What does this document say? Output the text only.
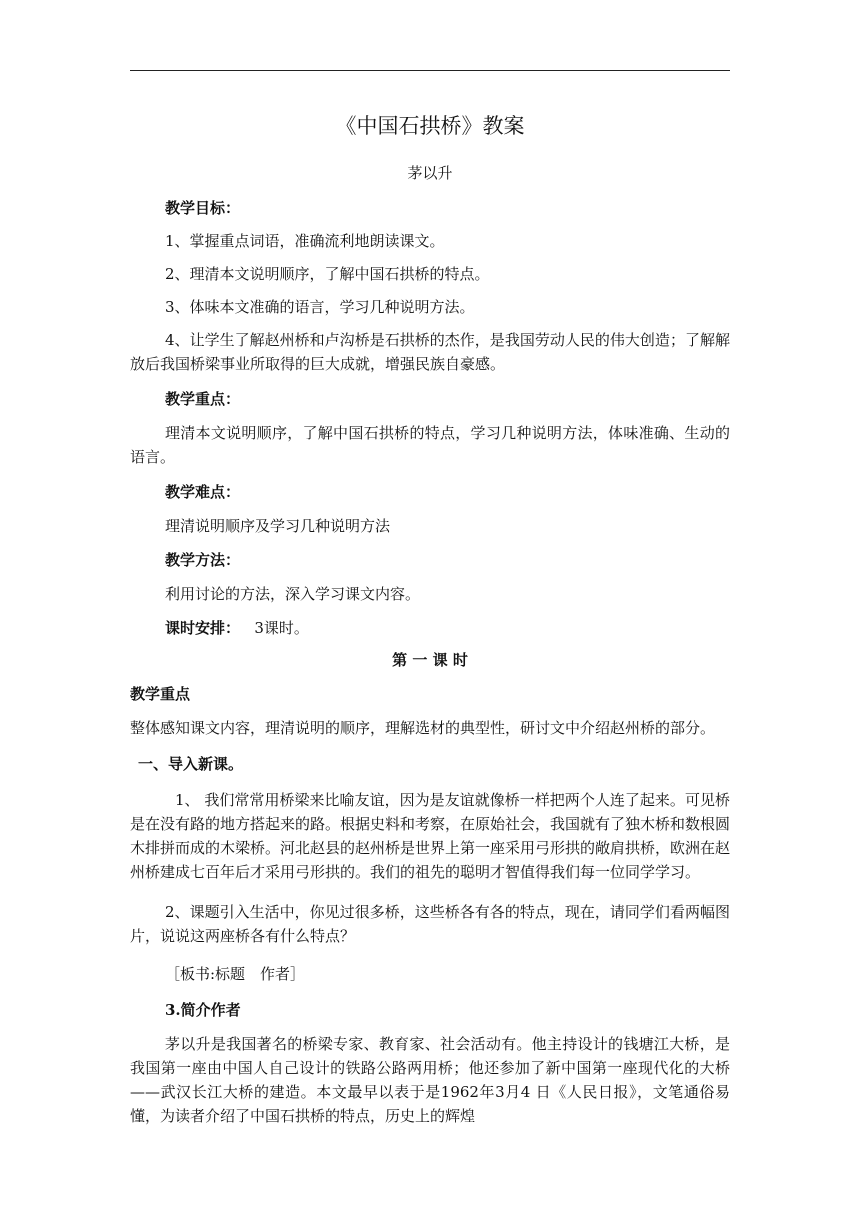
《中国石拱桥》教案
茅以升

教学目标：

1、掌握重点词语，准确流利地朗读课文。

2、理清本文说明顺序，了解中国石拱桥的特点。

3、体味本文准确的语言，学习几种说明方法。

4、让学生了解赵州桥和卢沟桥是石拱桥的杰作，是我国劳动人民的伟大创造；了解解放后我国桥梁事业所取得的巨大成就，增强民族自豪感。

教学重点：

理清本文说明顺序，了解中国石拱桥的特点，学习几种说明方法，体味准确、生动的语言。

教学难点：

理清说明顺序及学习几种说明方法

教学方法：

利用讨论的方法，深入学习课文内容。

课时安排： 3课时。

第 一 课 时

教学重点

整体感知课文内容，理清说明的顺序，理解选材的典型性，研讨文中介绍赵州桥的部分。

一、导入新课。

1、 我们常常用桥梁来比喻友谊，因为是友谊就像桥一样把两个人连了起来。可见桥是在没有路的地方搭起来的路。根据史料和考察，在原始社会，我国就有了独木桥和数根圆木排拼而成的木梁桥。河北赵县的赵州桥是世界上第一座采用弓形拱的敞肩拱桥，欧洲在赵州桥建成七百年后才采用弓形拱的。我们的祖先的聪明才智值得我们每一位同学学习。

2、课题引入生活中，你见过很多桥，这些桥各有各的特点，现在，请同学们看两幅图片，说说这两座桥各有什么特点？

［板书:标题　作者］

3.简介作者

茅以升是我国著名的桥梁专家、教育家、社会活动有。他主持设计的钱塘江大桥，是我国第一座由中国人自己设计的铁路公路两用桥；他还参加了新中国第一座现代化的大桥——武汉长江大桥的建造。本文最早以表于是1962年3月4 日《人民日报》，文笔通俗易懂，为读者介绍了中国石拱桥的特点，历史上的辉煌
